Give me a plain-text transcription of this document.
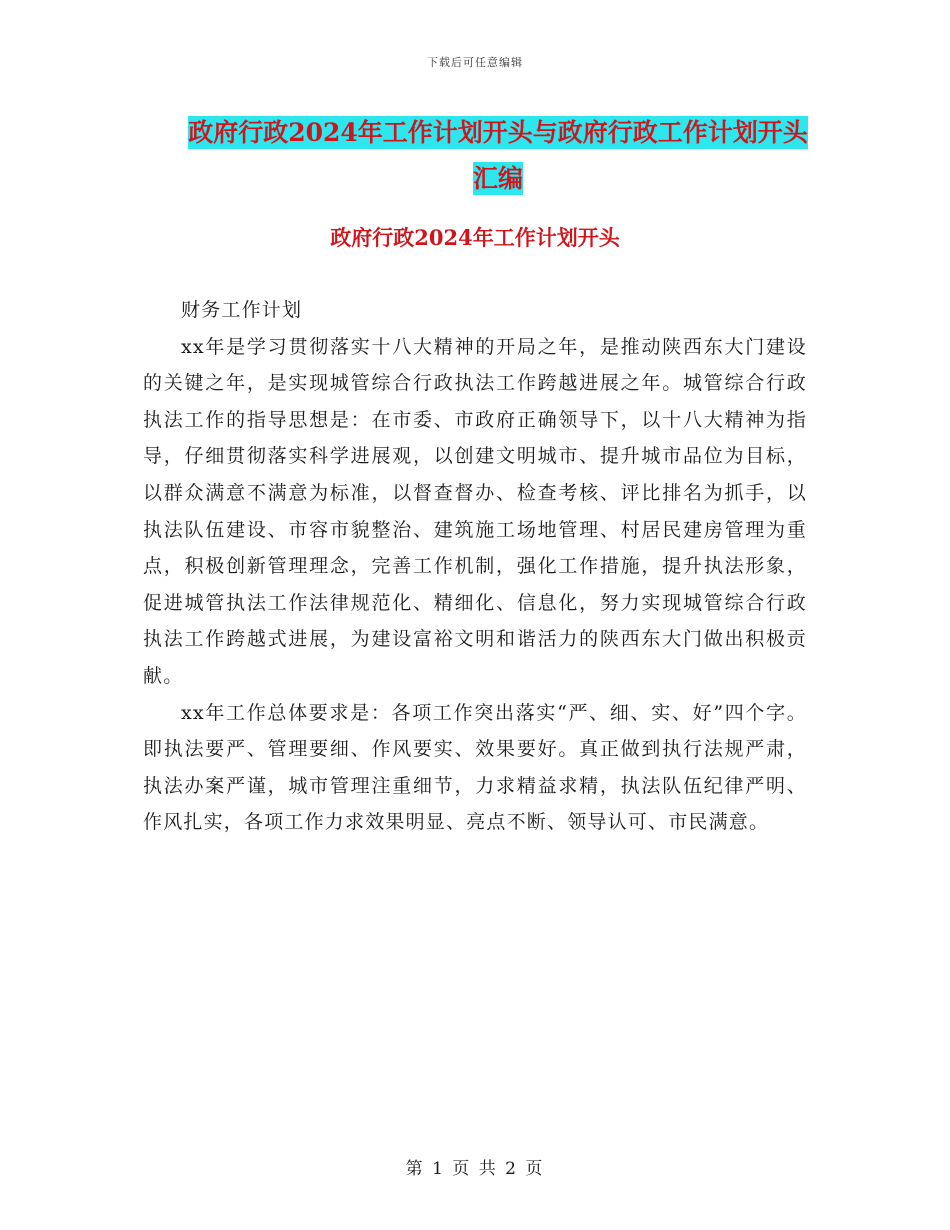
下载后可任意编辑
政府行政2024年工作计划开头与政府行政工作计划开头汇编
政府行政2024年工作计划开头

财务工作计划

xx年是学习贯彻落实十八大精神的开局之年，是推动陕西东大门建设的关键之年，是实现城管综合行政执法工作跨越进展之年。城管综合行政执法工作的指导思想是：在市委、市政府正确领导下，以十八大精神为指导，仔细贯彻落实科学进展观，以创建文明城市、提升城市品位为目标，以群众满意不满意为标准，以督查督办、检查考核、评比排名为抓手，以执法队伍建设、市容市貌整治、建筑施工场地管理、村居民建房管理为重点，积极创新管理理念，完善工作机制，强化工作措施，提升执法形象，促进城管执法工作法律规范化、精细化、信息化，努力实现城管综合行政执法工作跨越式进展，为建设富裕文明和谐活力的陕西东大门做出积极贡献。

xx年工作总体要求是：各项工作突出落实“严、细、实、好”四个字。即执法要严、管理要细、作风要实、效果要好。真正做到执行法规严肃，执法办案严谨，城市管理注重细节，力求精益求精，执法队伍纪律严明、作风扎实，各项工作力求效果明显、亮点不断、领导认可、市民满意。

第 1 页 共 2 页
